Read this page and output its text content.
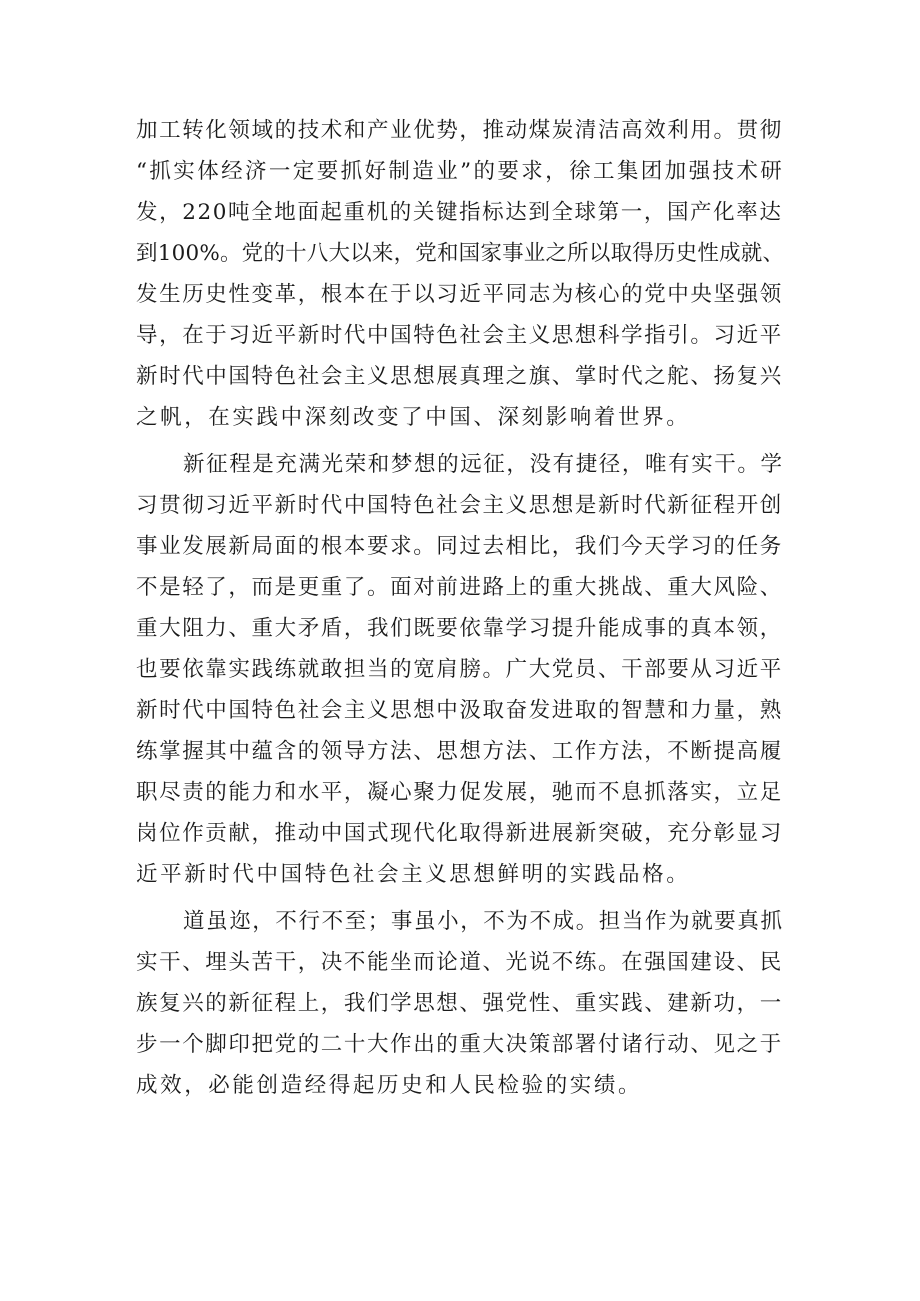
加工转化领域的技术和产业优势，推动煤炭清洁高效利用。贯彻
“抓实体经济一定要抓好制造业”的要求，徐工集团加强技术研
发，220吨全地面起重机的关键指标达到全球第一，国产化率达
到100%。党的十八大以来，党和国家事业之所以取得历史性成就、
发生历史性变革，根本在于以习近平同志为核心的党中央坚强领
导，在于习近平新时代中国特色社会主义思想科学指引。习近平
新时代中国特色社会主义思想展真理之旗、掌时代之舵、扬复兴
之帆，在实践中深刻改变了中国、深刻影响着世界。
新征程是充满光荣和梦想的远征，没有捷径，唯有实干。学
习贯彻习近平新时代中国特色社会主义思想是新时代新征程开创
事业发展新局面的根本要求。同过去相比，我们今天学习的任务
不是轻了，而是更重了。面对前进路上的重大挑战、重大风险、
重大阻力、重大矛盾，我们既要依靠学习提升能成事的真本领，
也要依靠实践练就敢担当的宽肩膀。广大党员、干部要从习近平
新时代中国特色社会主义思想中汲取奋发进取的智慧和力量，熟
练掌握其中蕴含的领导方法、思想方法、工作方法，不断提高履
职尽责的能力和水平，凝心聚力促发展，驰而不息抓落实，立足
岗位作贡献，推动中国式现代化取得新进展新突破，充分彰显习
近平新时代中国特色社会主义思想鲜明的实践品格。
道虽迩，不行不至；事虽小，不为不成。担当作为就要真抓
实干、埋头苦干，决不能坐而论道、光说不练。在强国建设、民
族复兴的新征程上，我们学思想、强党性、重实践、建新功，一
步一个脚印把党的二十大作出的重大决策部署付诸行动、见之于
成效，必能创造经得起历史和人民检验的实绩。
